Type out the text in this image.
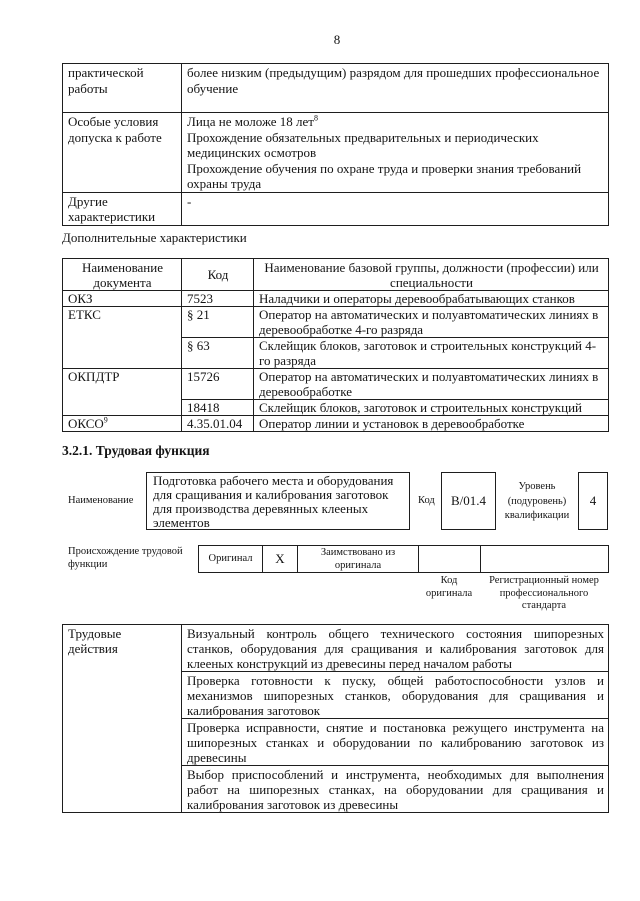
8
практической работы	более низким (предыдущим) разрядом для прошедших профессиональное обучение

Особые условия допуска к работе	Лица не моложе 18 лет$^8$
Прохождение обязательных предварительных и периодических медицинских осмотров
Прохождение обучения по охране труда и проверки знания требований охраны труда

Другие характеристики	-
Дополнительные характеристики
Наименование документа	Код	Наименование базовой группы, должности (профессии) или специальности
ОКЗ	7523	Наладчики и операторы деревообрабатывающих станков
ЕТКС	§ 21	Оператор на автоматических и полуавтоматических линиях в деревообработке 4-го разряда
	§ 63	Склейщик блоков, заготовок и строительных конструкций 4-го разряда
ОКПДТР	15726	Оператор на автоматических и полуавтоматических линиях в деревообработке
	18418	Склейщик блоков, заготовок и строительных конструкций
ОКСО$^9$	4.35.01.04	Оператор линии и установок в деревообработке
3.2.1. Трудовая функция
Наименование
Подготовка рабочего места и оборудования для сращивания и калибрования заготовок для производства деревянных клееных элементов
Код B/01.4
Уровень (подуровень) квалификации
4
Происхождение трудовой функции
Оригинал	X	Заимствовано из оригинала

Код оригинала
Регистрационный номер профессионального стандарта
Трудовые действия
	Визуальный контроль общего технического состояния шипорезных станков, оборудования для сращивания и калибрования заготовок для клееных конструкций из древесины перед началом работы
Проверка готовности к пуску, общей работоспособности узлов и механизмов шипорезных станков, оборудования для сращивания и калибрования заготовок
Проверка исправности, снятие и постановка режущего инструмента на шипорезных станках и оборудовании по калиброванию заготовок из древесины
Выбор приспособлений и инструмента, необходимых для выполнения работ на шипорезных станках, на оборудовании для сращивания и калибрования заготовок из древесины
